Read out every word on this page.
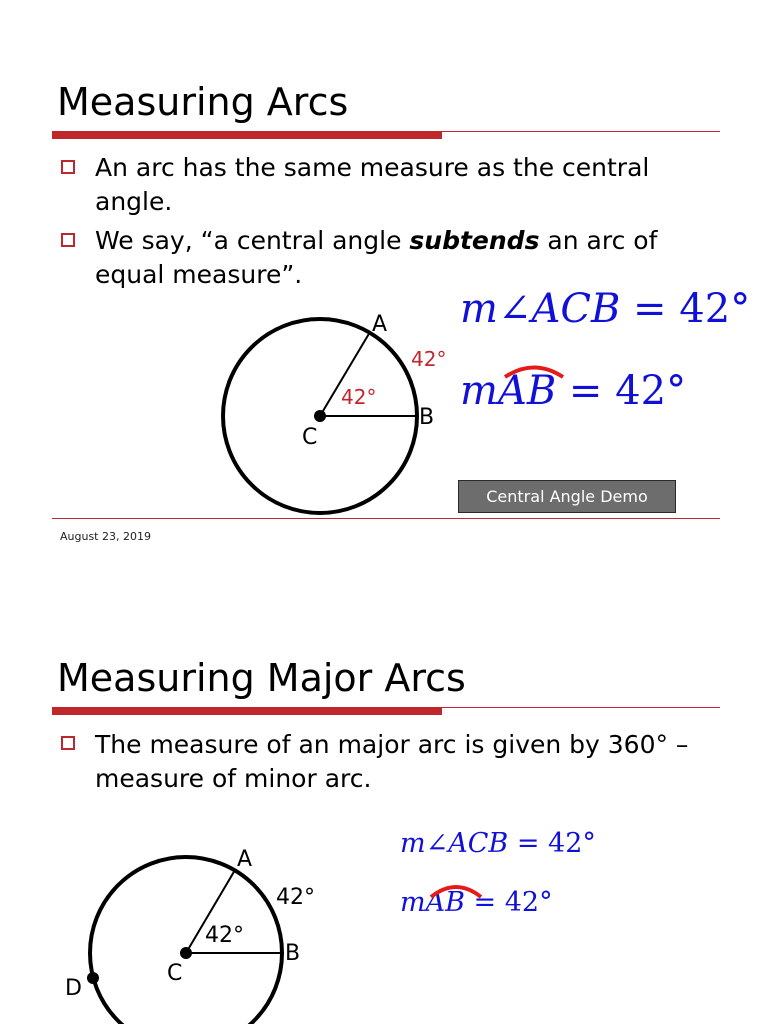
Measuring Arcs
An arc has the same measure as the central angle.
We say, “a central angle subtends an arc of equal measure”.
A
B
C
42°
42°
m∠ACB = 42°
m
AB = 42°
Central Angle Demo
August 23, 2019
Measuring Major Arcs
The measure of an major arc is given by 360° – measure of minor arc.
A
B
C
D
42°
42°
m∠ACB = 42°
m
AB = 42°
